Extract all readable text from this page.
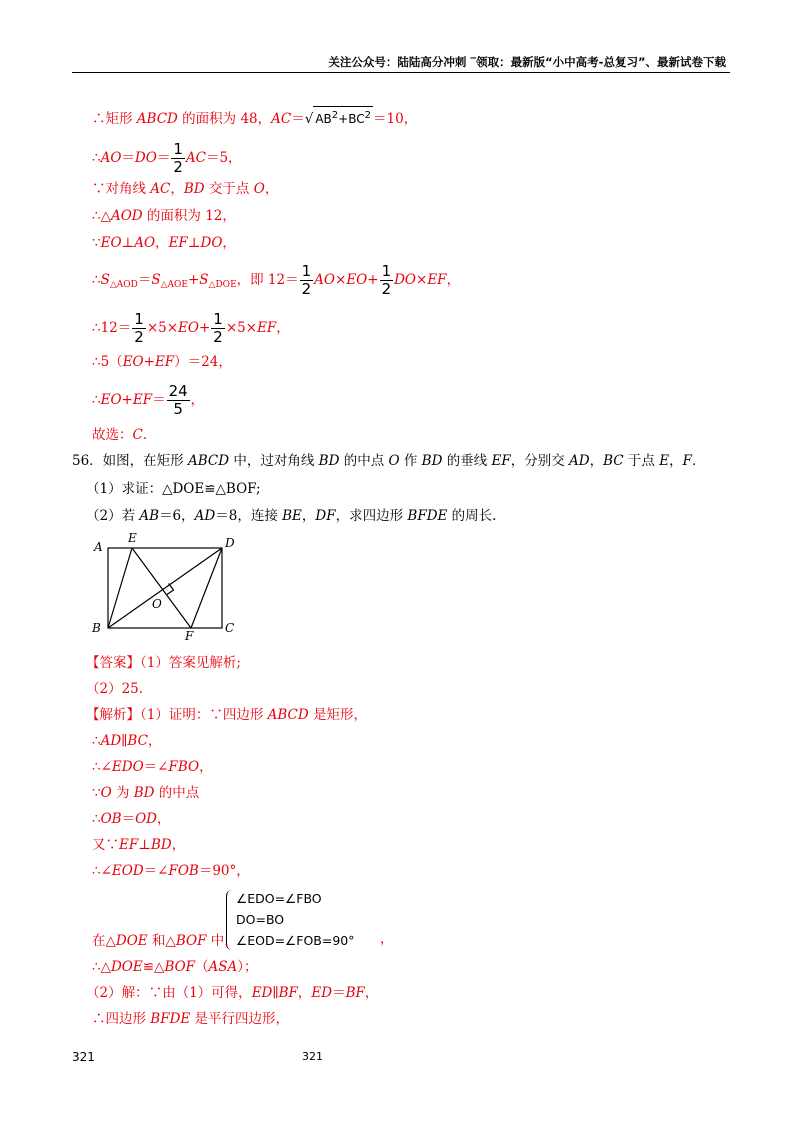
关注公众号：陆陆高分冲刺 ‾领取：最新版“小中高考-总复习”、最新试卷下载
∴矩形 ABCD 的面积为 48，AC＝√ $AB^2+BC^2 =10$，
∴AO＝DO＝ $\frac{1}{2} AC=5$，
∵对角线 AC，BD 交于点 O，
∴△AOD 的面积为 12，
∵EO⊥AO，EF⊥DO，
$\therefore S_{\triangle AOD}=S_{\triangle AOE}+S_{\triangle DOE}$，即 $12= \frac{1}{2} AO\times EO+ \frac{1}{2} DO\times EF$，
∴12＝ $\frac{1}{2} \times 5\times EO+ \frac{1}{2} \times 5\times EF$，
∴5（EO+EF）＝24，
∴EO+EF＝ $\frac{24}{5}$ ，
故选：C．
56．如图，在矩形 ABCD 中，过对角线 BD 的中点 O 作 BD 的垂线 EF，分别交 AD，BC 于点 E，F．
（1）求证：△DOE≌△BOF;
（2）若 AB＝6，AD＝8，连接 BE，DF，求四边形 BFDE 的周长.
A
E	D
O
B
F
C
【答案】（1）答案见解析;
（2）25.
【解析】（1）证明：∵四边形 ABCD 是矩形，
∴AD∥BC，
∴∠EDO＝∠FBO，
∵O 为 BD 的中点
∴OB＝OD，
又∵EF⊥BD，
∴∠EOD＝∠FOB＝90°，
∠EDO=∠FBO
DO=BO
∠EOD=∠FOB=90°
在△DOE 和△BOF 中，	，
∴△DOE≌△BOF（ASA）；
（2）解：∵由（1）可得，ED∥BF，ED＝BF，
∴四边形 BFDE 是平行四边形，
321	321
